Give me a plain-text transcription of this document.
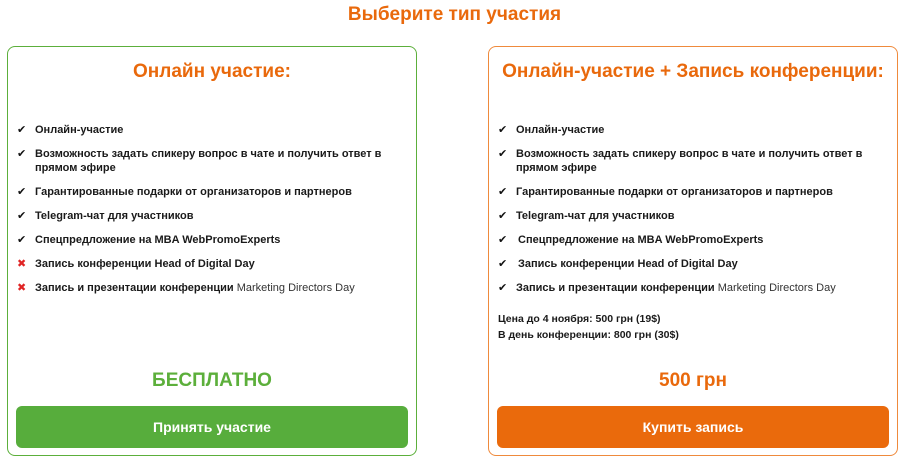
Выберите тип участия
Онлайн участие:
✔ Онлайн-участие
✔ Возможность задать спикеру вопрос в чате и получить ответ в прямом эфире
✔ Гарантированные подарки от организаторов и партнеров
✔ Telegram-чат для участников
✔ Спецпредложение на MBA WebPromoExperts
✖ Запись конференции Head of Digital Day
✖ Запись и презентации конференции Marketing Directors Day
БЕСПЛАТНО
Принять участие
Онлайн-участие + Запись конференции:
✔ Онлайн-участие
✔ Возможность задать спикеру вопрос в чате и получить ответ в прямом эфире
✔ Гарантированные подарки от организаторов и партнеров
✔ Telegram-чат для участников
✔ Спецпредложение на MBA WebPromoExperts
✔ Запись конференции Head of Digital Day
✔ Запись и презентации конференции Marketing Directors Day
Цена до 4 ноября: 500 грн (19$)
В день конференции: 800 грн (30$)
500 грн
Купить запись
